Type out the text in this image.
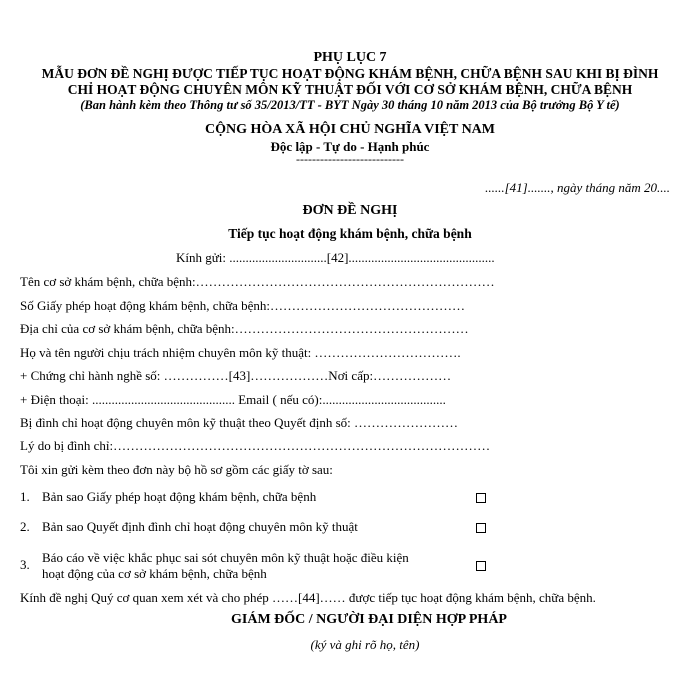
PHỤ LỤC 7
MẪU ĐƠN ĐỀ NGHỊ ĐƯỢC TIẾP TỤC HOẠT ĐỘNG KHÁM BỆNH, CHỮA BỆNH SAU KHI BỊ ĐÌNH
CHỈ HOẠT ĐỘNG CHUYÊN MÔN KỸ THUẬT ĐỐI VỚI CƠ SỞ KHÁM BỆNH, CHỮA BỆNH
(Ban hành kèm theo Thông tư số 35/2013/TT - BYT Ngày 30 tháng 10 năm 2013 của Bộ trưởng Bộ Y tế)
CỘNG HÒA XÃ HỘI CHỦ NGHĨA VIỆT NAM
Độc lập - Tự do - Hạnh phúc
---------------------------
......[41]......., ngày tháng năm 20....
ĐƠN ĐỀ NGHỊ
Tiếp tục hoạt động khám bệnh, chữa bệnh
Kính gửi: ..............................[42].............................................
Tên cơ sở khám bệnh, chữa bệnh:……………………………………………………………
Số Giấy phép hoạt động khám bệnh, chữa bệnh:………………………………………
Địa chỉ của cơ sở khám bệnh, chữa bệnh:………………………………………………
Họ và tên người chịu trách nhiệm chuyên môn kỹ thuật: …………………………….
+ Chứng chỉ hành nghề số: ……………[43]………………Nơi cấp:………………
+ Điện thoại: ............................................ Email ( nếu có):......................................
Bị đình chỉ hoạt động chuyên môn kỹ thuật theo Quyết định số: ……………………
Lý do bị đình chỉ:……………………………………………………………………………
Tôi xin gửi kèm theo đơn này bộ hồ sơ gồm các giấy tờ sau:
1. Bản sao Giấy phép hoạt động khám bệnh, chữa bệnh
2. Bản sao Quyết định đình chỉ hoạt động chuyên môn kỹ thuật
3. Báo cáo về việc khắc phục sai sót chuyên môn kỹ thuật hoặc điều kiện
hoạt động của cơ sở khám bệnh, chữa bệnh
Kính đề nghị Quý cơ quan xem xét và cho phép ……[44]…… được tiếp tục hoạt động khám bệnh, chữa bệnh.
GIÁM ĐỐC / NGƯỜI ĐẠI DIỆN HỢP PHÁP
(ký và ghi rõ họ, tên)
